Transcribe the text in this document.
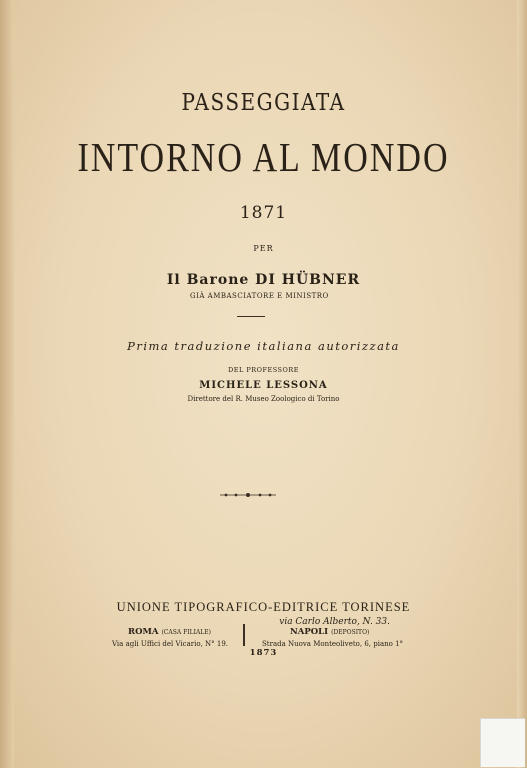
PASSEGGIATA
INTORNO AL MONDO
1871
PER
Il Barone DI HÜBNER
GIÀ AMBASCIATORE E MINISTRO
Prima traduzione italiana autorizzata
DEL PROFESSORE
MICHELE LESSONA
Direttore del R. Museo Zoologico di Torino
UNIONE TIPOGRAFICO-EDITRICE TORINESE
via Carlo Alberto, N. 33.
ROMA (CASA FILIALE)	NAPOLI (DEPOSITO)
Via agli Uffici del Vicario, N° 19.	Strada Nuova Monteoliveto, 6, piano 1°
1873
